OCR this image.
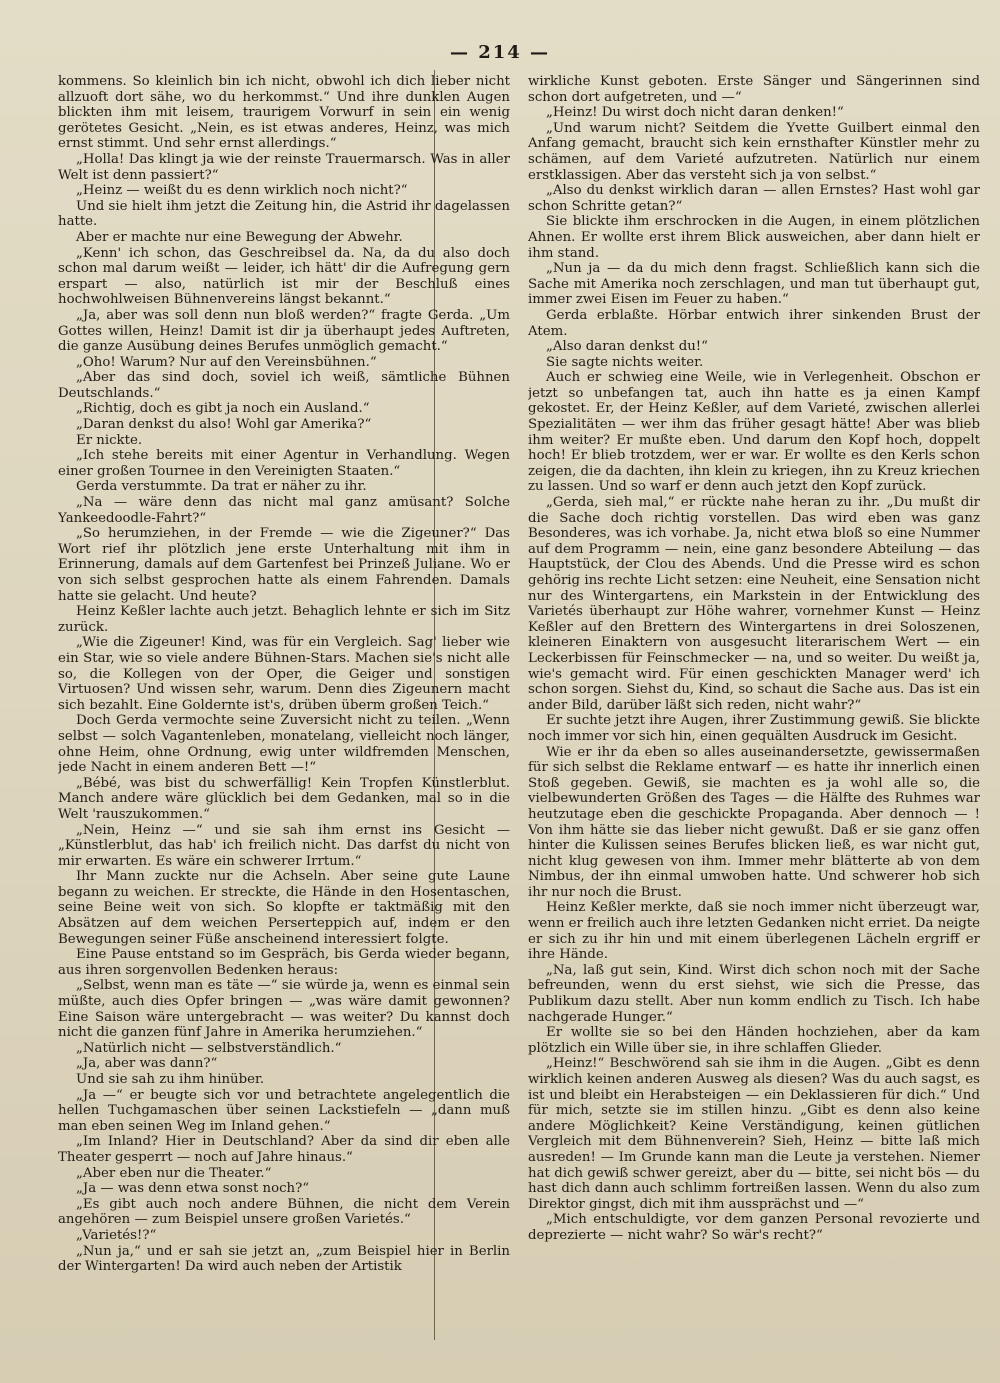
— 214 —

kommens. So kleinlich bin ich nicht, obwohl ich dich lieber nicht allzuoft dort sähe, wo du herkommst.“ Und ihre dunklen Augen blickten ihm mit leisem, traurigem Vorwurf in sein ein wenig gerötetes Gesicht. „Nein, es ist etwas anderes, Heinz, was mich ernst stimmt. Und sehr ernst allerdings.“

„Holla! Das klingt ja wie der reinste Trauermarsch. Was in aller Welt ist denn passiert?“

„Heinz — weißt du es denn wirklich noch nicht?“

Und sie hielt ihm jetzt die Zeitung hin, die Astrid ihr dagelassen hatte.

Aber er machte nur eine Bewegung der Abwehr.

„Kenn' ich schon, das Geschreibsel da. Na, da du also doch schon mal darum weißt — leider, ich hätt' dir die Aufregung gern erspart — also, natürlich ist mir der Beschluß eines hochwohlweisen Bühnenvereins längst bekannt.“

„Ja, aber was soll denn nun bloß werden?“ fragte Gerda. „Um Gottes willen, Heinz! Damit ist dir ja überhaupt jedes Auftreten, die ganze Ausübung deines Berufes unmöglich gemacht.“

„Oho! Warum? Nur auf den Vereinsbühnen.“

„Aber das sind doch, soviel ich weiß, sämtliche Bühnen Deutschlands.“

„Richtig, doch es gibt ja noch ein Ausland.“

„Daran denkst du also! Wohl gar Amerika?“

Er nickte.

„Ich stehe bereits mit einer Agentur in Verhandlung. Wegen einer großen Tournee in den Vereinigten Staaten.“

Gerda verstummte. Da trat er näher zu ihr.

„Na — wäre denn das nicht mal ganz amüsant? Solche Yankeedoodle-Fahrt?“

„So herumziehen, in der Fremde — wie die Zigeuner?“ Das Wort rief ihr plötzlich jene erste Unterhaltung mit ihm in Erinnerung, damals auf dem Gartenfest bei Prinzeß Juliane. Wo er von sich selbst gesprochen hatte als einem Fahrenden. Damals hatte sie gelacht. Und heute?

Heinz Keßler lachte auch jetzt. Behaglich lehnte er sich im Sitz zurück.

„Wie die Zigeuner! Kind, was für ein Vergleich. Sag' lieber wie ein Star, wie so viele andere Bühnen-Stars. Machen sie's nicht alle so, die Kollegen von der Oper, die Geiger und sonstigen Virtuosen? Und wissen sehr, warum. Denn dies Zigeunern macht sich bezahlt. Eine Goldernte ist's, drüben überm großen Teich.“

Doch Gerda vermochte seine Zuversicht nicht zu teilen. „Wenn selbst — solch Vagantenleben, monatelang, vielleicht noch länger, ohne Heim, ohne Ordnung, ewig unter wildfremden Menschen, jede Nacht in einem anderen Bett —!“

„Bébé, was bist du schwerfällig! Kein Tropfen Künstlerblut. Manch andere wäre glücklich bei dem Gedanken, mal so in die Welt 'rauszukommen.“

„Nein, Heinz —“ und sie sah ihm ernst ins Gesicht — „Künstlerblut, das hab' ich freilich nicht. Das darfst du nicht von mir erwarten. Es wäre ein schwerer Irrtum.“

Ihr Mann zuckte nur die Achseln. Aber seine gute Laune begann zu weichen. Er streckte, die Hände in den Hosentaschen, seine Beine weit von sich. So klopfte er taktmäßig mit den Absätzen auf dem weichen Perserteppich auf, indem er den Bewegungen seiner Füße anscheinend interessiert folgte.

Eine Pause entstand so im Gespräch, bis Gerda wieder begann, aus ihren sorgenvollen Bedenken heraus:

„Selbst, wenn man es täte —“ sie würde ja, wenn es einmal sein müßte, auch dies Opfer bringen — „was wäre damit gewonnen? Eine Saison wäre untergebracht — was weiter? Du kannst doch nicht die ganzen fünf Jahre in Amerika herumziehen.“

„Natürlich nicht — selbstverständlich.“

„Ja, aber was dann?“

Und sie sah zu ihm hinüber.

„Ja —“ er beugte sich vor und betrachtete angelegentlich die hellen Tuchgamaschen über seinen Lackstiefeln — „dann muß man eben seinen Weg im Inland gehen.“

„Im Inland? Hier in Deutschland? Aber da sind dir eben alle Theater gesperrt — noch auf Jahre hinaus.“

„Aber eben nur die Theater.“

„Ja — was denn etwa sonst noch?“

„Es gibt auch noch andere Bühnen, die nicht dem Verein angehören — zum Beispiel unsere großen Varietés.“

„Varietés!?“

„Nun ja,“ und er sah sie jetzt an, „zum Beispiel hier in Berlin der Wintergarten! Da wird auch neben der Artistik

wirkliche Kunst geboten. Erste Sänger und Sängerinnen sind schon dort aufgetreten, und —“

„Heinz! Du wirst doch nicht daran denken!“

„Und warum nicht? Seitdem die Yvette Guilbert einmal den Anfang gemacht, braucht sich kein ernsthafter Künstler mehr zu schämen, auf dem Varieté aufzutreten. Natürlich nur einem erstklassigen. Aber das versteht sich ja von selbst.“

„Also du denkst wirklich daran — allen Ernstes? Hast wohl gar schon Schritte getan?“

Sie blickte ihm erschrocken in die Augen, in einem plötzlichen Ahnen. Er wollte erst ihrem Blick ausweichen, aber dann hielt er ihm stand.

„Nun ja — da du mich denn fragst. Schließlich kann sich die Sache mit Amerika noch zerschlagen, und man tut überhaupt gut, immer zwei Eisen im Feuer zu haben.“

Gerda erblaßte. Hörbar entwich ihrer sinkenden Brust der Atem.

„Also daran denkst du!“

Sie sagte nichts weiter.

Auch er schwieg eine Weile, wie in Verlegenheit. Obschon er jetzt so unbefangen tat, auch ihn hatte es ja einen Kampf gekostet. Er, der Heinz Keßler, auf dem Varieté, zwischen allerlei Spezialitäten — wer ihm das früher gesagt hätte! Aber was blieb ihm weiter? Er mußte eben. Und darum den Kopf hoch, doppelt hoch! Er blieb trotzdem, wer er war. Er wollte es den Kerls schon zeigen, die da dachten, ihn klein zu kriegen, ihn zu Kreuz kriechen zu lassen. Und so warf er denn auch jetzt den Kopf zurück.

„Gerda, sieh mal,“ er rückte nahe heran zu ihr. „Du mußt dir die Sache doch richtig vorstellen. Das wird eben was ganz Besonderes, was ich vorhabe. Ja, nicht etwa bloß so eine Nummer auf dem Programm — nein, eine ganz besondere Abteilung — das Hauptstück, der Clou des Abends. Und die Presse wird es schon gehörig ins rechte Licht setzen: eine Neuheit, eine Sensation nicht nur des Wintergartens, ein Markstein in der Entwicklung des Varietés überhaupt zur Höhe wahrer, vornehmer Kunst — Heinz Keßler auf den Brettern des Wintergartens in drei Soloszenen, kleineren Einaktern von ausgesucht literarischem Wert — ein Leckerbissen für Feinschmecker — na, und so weiter. Du weißt ja, wie's gemacht wird. Für einen geschickten Manager werd' ich schon sorgen. Siehst du, Kind, so schaut die Sache aus. Das ist ein ander Bild, darüber läßt sich reden, nicht wahr?“

Er suchte jetzt ihre Augen, ihrer Zustimmung gewiß. Sie blickte noch immer vor sich hin, einen gequälten Ausdruck im Gesicht.

Wie er ihr da eben so alles auseinandersetzte, gewissermaßen für sich selbst die Reklame entwarf — es hatte ihr innerlich einen Stoß gegeben. Gewiß, sie machten es ja wohl alle so, die vielbewunderten Größen des Tages — die Hälfte des Ruhmes war heutzutage eben die geschickte Propaganda. Aber dennoch — ! Von ihm hätte sie das lieber nicht gewußt. Daß er sie ganz offen hinter die Kulissen seines Berufes blicken ließ, es war nicht gut, nicht klug gewesen von ihm. Immer mehr blätterte ab von dem Nimbus, der ihn einmal umwoben hatte. Und schwerer hob sich ihr nur noch die Brust.

Heinz Keßler merkte, daß sie noch immer nicht überzeugt war, wenn er freilich auch ihre letzten Gedanken nicht erriet. Da neigte er sich zu ihr hin und mit einem überlegenen Lächeln ergriff er ihre Hände.

„Na, laß gut sein, Kind. Wirst dich schon noch mit der Sache befreunden, wenn du erst siehst, wie sich die Presse, das Publikum dazu stellt. Aber nun komm endlich zu Tisch. Ich habe nachgerade Hunger.“

Er wollte sie so bei den Händen hochziehen, aber da kam plötzlich ein Wille über sie, in ihre schlaffen Glieder.

„Heinz!“ Beschwörend sah sie ihm in die Augen. „Gibt es denn wirklich keinen anderen Ausweg als diesen? Was du auch sagst, es ist und bleibt ein Herabsteigen — ein Deklassieren für dich.“ Und für mich, setzte sie im stillen hinzu. „Gibt es denn also keine andere Möglichkeit? Keine Verständigung, keinen gütlichen Vergleich mit dem Bühnenverein? Sieh, Heinz — bitte laß mich ausreden! — Im Grunde kann man die Leute ja verstehen. Niemer hat dich gewiß schwer gereizt, aber du — bitte, sei nicht bös — du hast dich dann auch schlimm fortreißen lassen. Wenn du also zum Direktor gingst, dich mit ihm aussprächst und —“

„Mich entschuldigte, vor dem ganzen Personal revozierte und deprezierte — nicht wahr? So wär's recht?“
